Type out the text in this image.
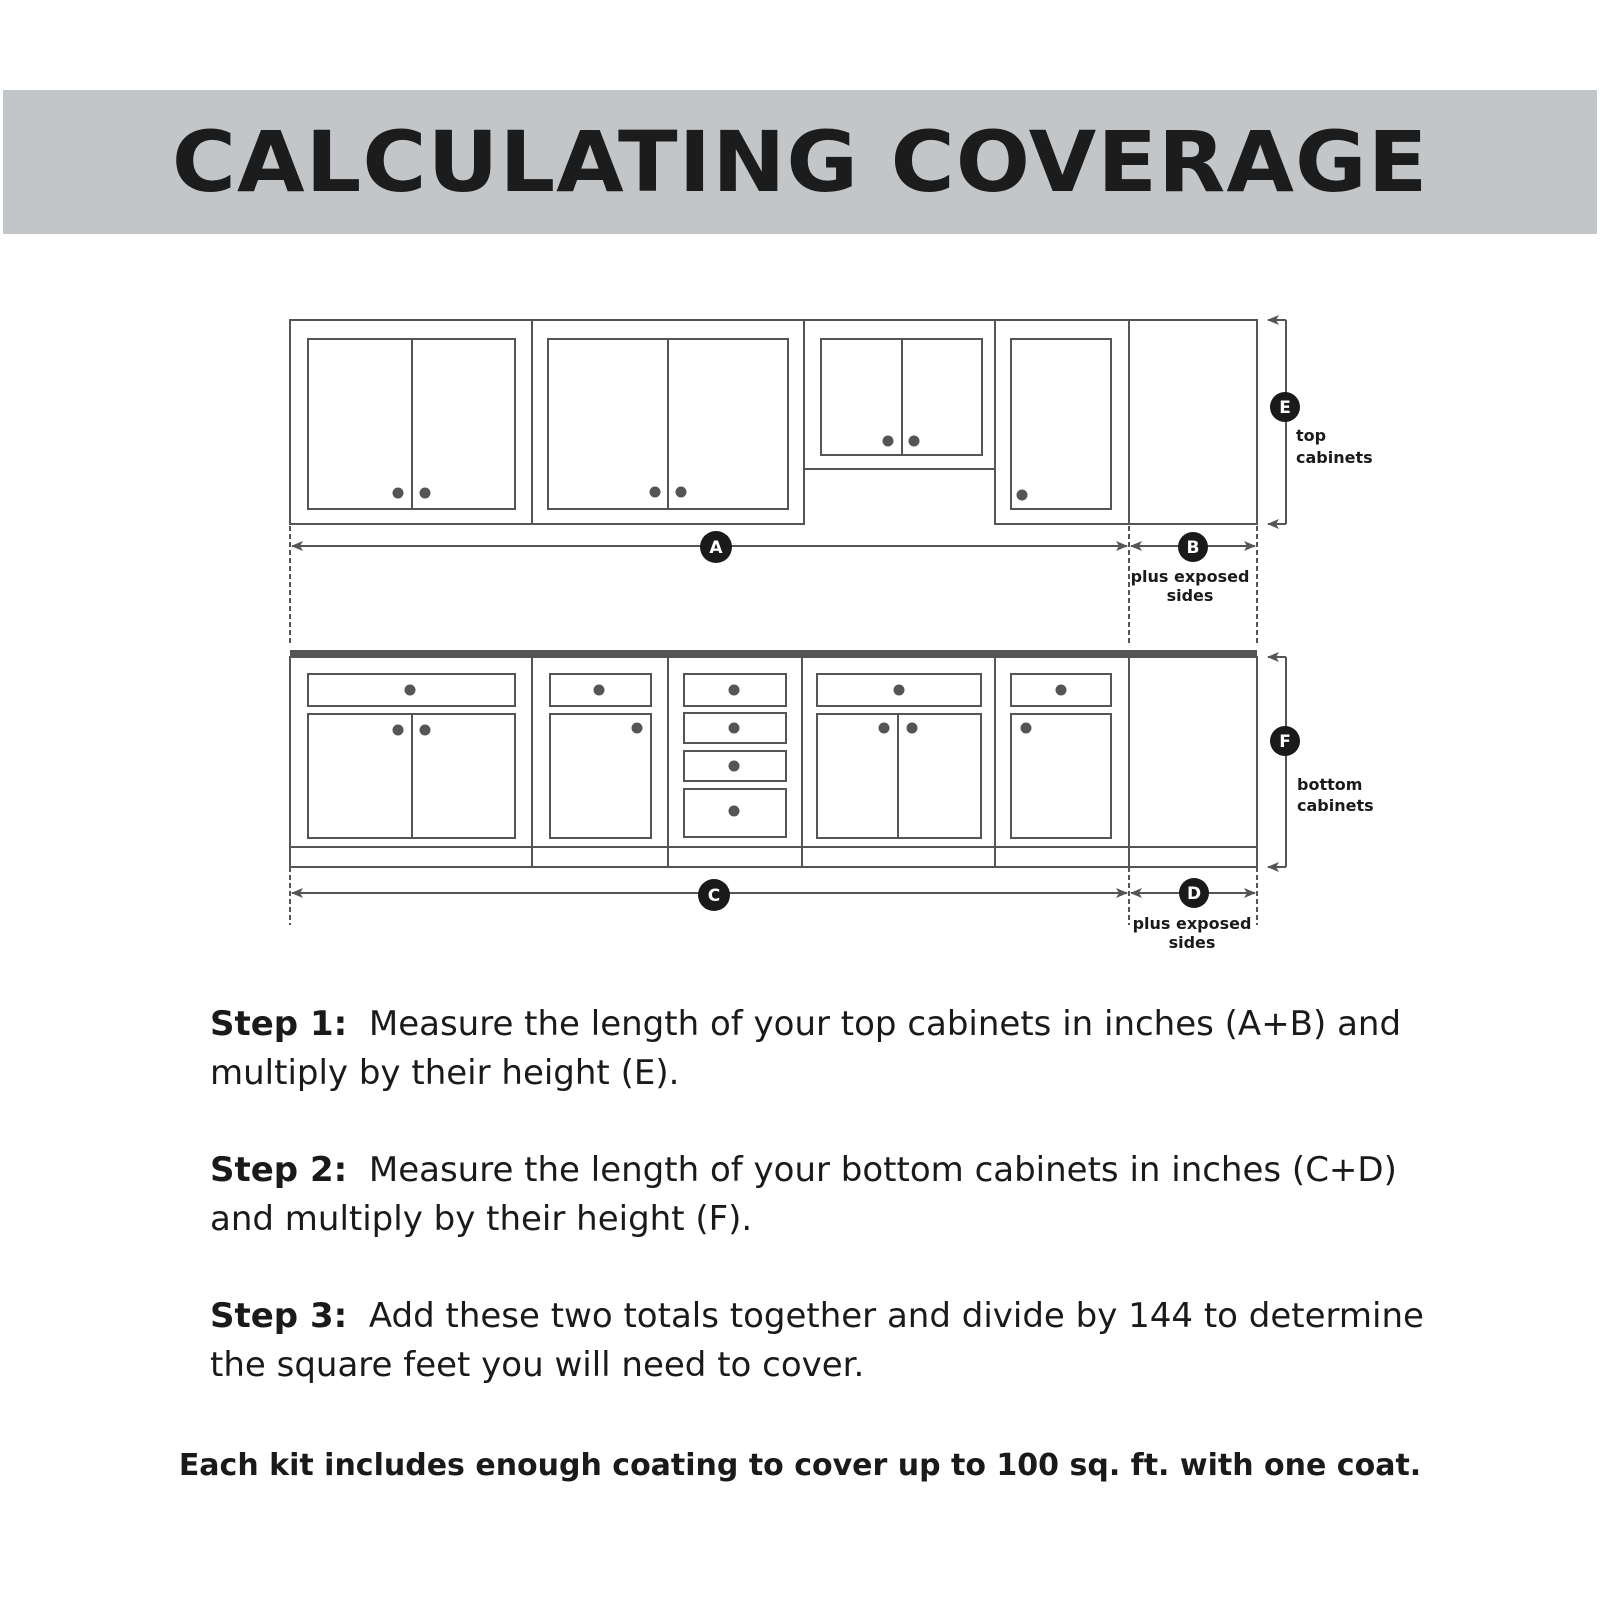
CALCULATING COVERAGE
A	B
plus exposed
sides
E
top
cabinets
C	D
plus exposed
sides
F
bottom
cabinets

Step 1: Measure the length of your top cabinets in inches (A+B) and multiply by their height (E).

Step 2: Measure the length of your bottom cabinets in inches (C+D) and multiply by their height (F).

Step 3: Add these two totals together and divide by 144 to determine the square feet you will need to cover.

Each kit includes enough coating to cover up to 100 sq. ft. with one coat.
